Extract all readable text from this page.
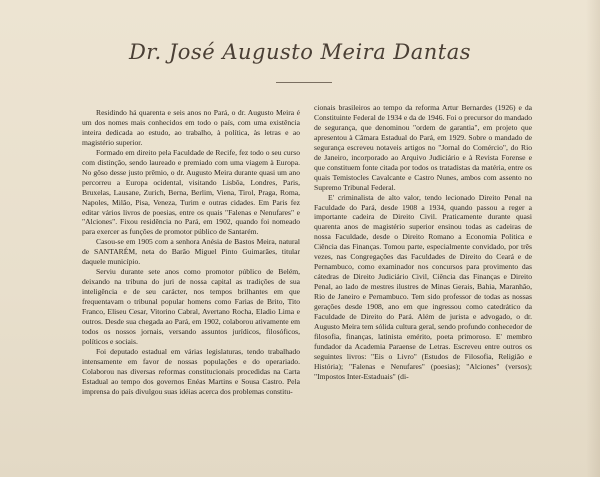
Dr. José Augusto Meira Dantas

Residindo há quarenta e seis anos no Pará, o dr. Augusto Meira é um dos nomes mais conhecidos em todo o país, com uma existência inteira dedicada ao estudo, ao trabalho, à política, às letras e ao magistério superior.

Formado em direito pela Faculdade de Recife, fez todo o seu curso com distinção, sendo laureado e premiado com uma viagem à Europa. No gôso desse justo prêmio, o dr. Augusto Meira durante quasi um ano percorreu a Europa ocidental, visitando Lisbôa, Londres, Paris, Bruxelas, Lausane, Zurich, Berna, Berlim, Viena, Tirol, Praga, Roma, Napoles, Milão, Pisa, Veneza, Turim e outras cidades. Em Paris fez editar vários livros de poesias, entre os quais "Falenas e Nenufares" e "Alciones". Fixou residência no Pará, em 1902, quando foi nomeado para exercer as funções de promotor público de Santarém.

Casou-se em 1905 com a senhora Anésia de Bastos Meira, natural de SANTARÉM, neta do Barão Miguel Pinto Guimarães, titular daquele município.

Serviu durante sete anos como promotor público de Belém, deixando na tribuna do juri de nossa capital as tradições de sua inteligência e de seu carácter, nos tempos brilhantes em que frequentavam o tribunal popular homens como Farias de Brito, Tito Franco, Eliseu Cesar, Vitorino Cabral, Avertano Rocha, Eladio Lima e outros. Desde sua chegada ao Pará, em 1902, colaborou ativamente em todos os nossos jornais, versando assuntos jurídicos, filosóficos, políticos e sociais.

Foi deputado estadual em várias legislaturas, tendo trabalhado intensamente em favor de nossas populações e do operariado. Colaborou nas diversas reformas constitucionais procedidas na Carta Estadual ao tempo dos governos Enéas Martins e Sousa Castro. Pela imprensa do país divulgou suas idéias acerca dos problemas constitu-

cionais brasileiros ao tempo da reforma Artur Bernardes (1926) e da Constituinte Federal de 1934 e da de 1946. Foi o precursor do mandado de segurança, que denominou "ordem de garantia", em projeto que apresentou à Câmara Estadual do Pará, em 1929. Sobre o mandado de segurança escreveu notaveis artigos no "Jornal do Comércio", do Rio de Janeiro, incorporado ao Arquivo Judiciário e à Revista Forense e que constituem fonte citada por todos os tratadistas da matéria, entre os quais Temistocles Cavalcante e Castro Nunes, ambos com assento no Supremo Tribunal Federal.

E' criminalista de alto valor, tendo lecionado Direito Penal na Faculdade do Pará, desde 1908 a 1934, quando passou a reger a importante cadeira de Direito Civil. Praticamente durante quasi quarenta anos de magistério superior ensinou todas as cadeiras de nossa Faculdade, desde o Direito Romano a Economia Politica e Ciência das Finanças. Tomou parte, especialmente convidado, por três vezes, nas Congregações das Faculdades de Direito do Ceará e de Pernambuco, como examinador nos concursos para provimento das cátedras de Direito Judiciário Civil, Ciência das Finanças e Direito Penal, ao lado de mestres ilustres de Minas Gerais, Bahia, Maranhão, Rio de Janeiro e Pernambuco. Tem sido professor de todas as nossas gerações desde 1908, ano em que ingressou como catedrático da Faculdade de Direito do Pará. Além de jurista e advogado, o dr. Augusto Meira tem sólida cultura geral, sendo profundo conhecedor de filosofia, finanças, latinista emérito, poeta primoroso. E' membro fundador da Academia Paraense de Letras. Escreveu entre outros os seguintes livros: "Eis o Livro" (Estudos de Filosofia, Religião e História); "Falenas e Nenufares" (poesias); "Alciones" (versos); "Impostos Inter-Estaduais" (di-
